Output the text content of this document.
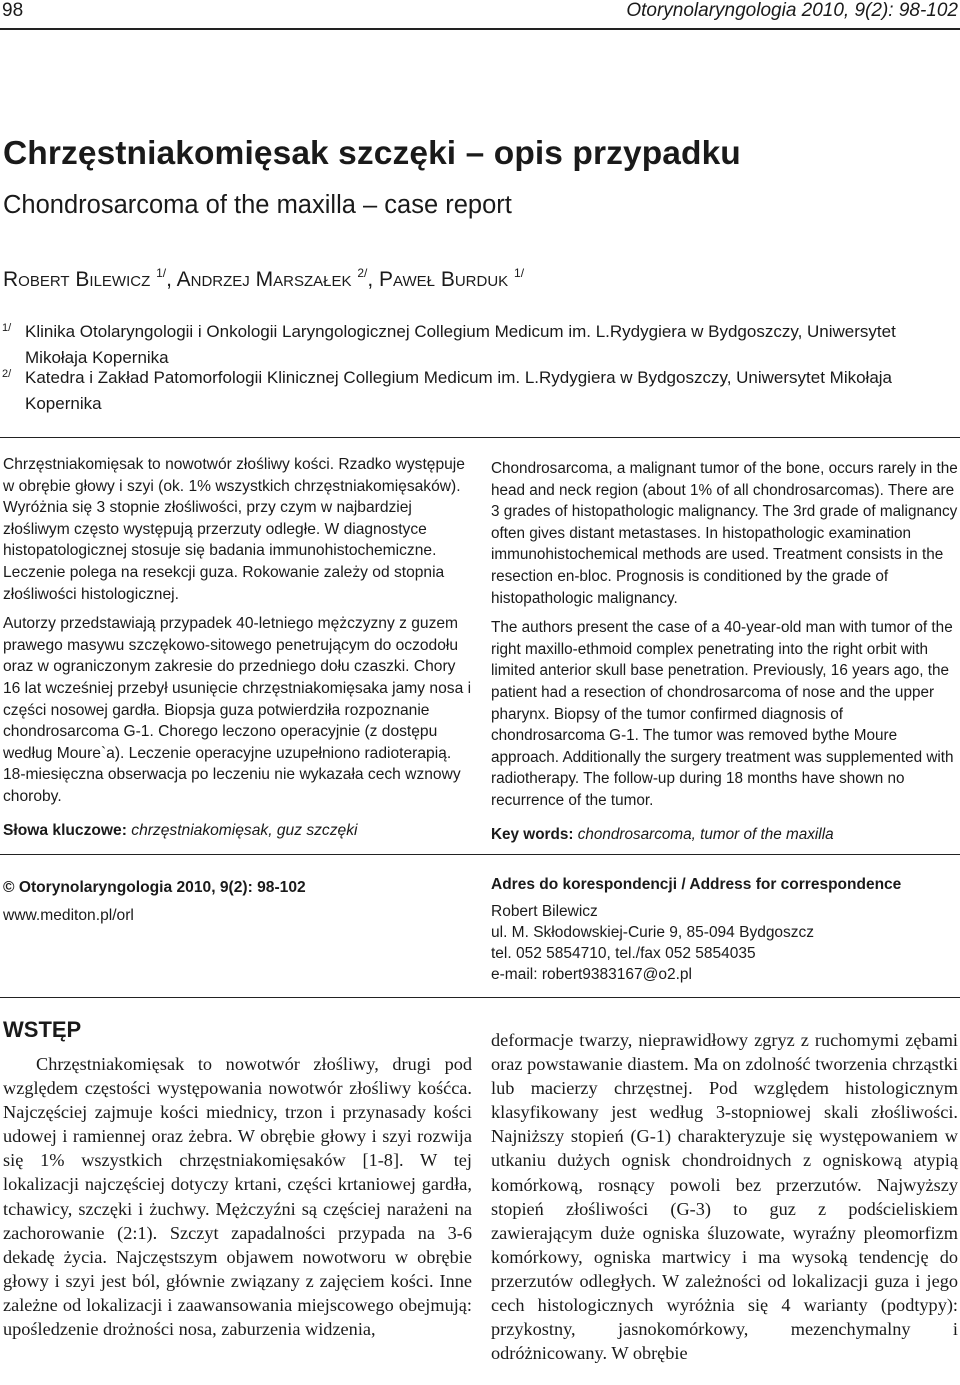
98	Otorynolaryngologia 2010, 9(2): 98-102
Chrzęstniakomięsak szczęki – opis przypadku
Chondrosarcoma of the maxilla – case report
Robert Bilewicz $^{1/}$, Andrzej Marszałek $^{2/}$, Paweł Burduk $^{1/}$
1/ Klinika Otolaryngologii i Onkologii Laryngologicznej Collegium Medicum im. L.Rydygiera w Bydgoszczy, Uniwersytet Mikołaja Kopernika
2/ Katedra i Zakład Patomorfologii Klinicznej Collegium Medicum im. L.Rydygiera w Bydgoszczy, Uniwersytet Mikołaja Kopernika

Chrzęstniakomięsak to nowotwór złośliwy kości. Rzadko występuje w obrębie głowy i szyi (ok. 1% wszystkich chrzęstniakomięsaków). Wyróżnia się 3 stopnie złośliwości, przy czym w najbardziej złośliwym często występują przerzuty odległe. W diagnostyce histopatologicznej stosuje się badania immunohistochemiczne. Leczenie polega na resekcji guza. Rokowanie zależy od stopnia złośliwości histologicznej.

Autorzy przedstawiają przypadek 40-letniego mężczyzny z guzem prawego masywu szczękowo-sitowego penetrującym do oczodołu oraz w ograniczonym zakresie do przedniego dołu czaszki. Chory 16 lat wcześniej przebył usunięcie chrzęstniakomięsaka jamy nosa i części nosowej gardła. Biopsja guza potwierdziła rozpoznanie chondrosarcoma G-1. Chorego leczono operacyjnie (z dostępu według Moure`a). Leczenie operacyjne uzupełniono radioterapią. 18-miesięczna obserwacja po leczeniu nie wykazała cech wznowy choroby.

Słowa kluczowe: chrzęstniakomięsak, guz szczęki

Chondrosarcoma, a malignant tumor of the bone, occurs rarely in the head and neck region (about 1% of all chondrosarcomas). There are 3 grades of histopathologic malignancy. The 3rd grade of malignancy often gives distant metastases. In histopathologic examination immunohistochemical methods are used. Treatment consists in the resection en-bloc. Prognosis is conditioned by the grade of histopathologic malignancy.

The authors present the case of a 40-year-old man with tumor of the right maxillo-ethmoid complex penetrating into the right orbit with limited anterior skull base penetration. Previously, 16 years ago, the patient had a resection of chondrosarcoma of nose and the upper pharynx. Biopsy of the tumor confirmed diagnosis of chondrosarcoma G-1. The tumor was removed bythe Moure approach. Additionally the surgery treatment was supplemented with radiotherapy. The follow-up during 18 months have shown no recurrence of the tumor.

Key words: chondrosarcoma, tumor of the maxilla

© Otorynolaryngologia 2010, 9(2): 98-102
www.mediton.pl/orl
Adres do korespondencji / Address for correspondence
Robert Bilewicz
ul. M. Skłodowskiej-Curie 9, 85-094 Bydgoszcz
tel. 052 5854710, tel./fax 052 5854035
e-mail: robert9383167@o2.pl
WSTĘP

Chrzęstniakomięsak to nowotwór złośliwy, drugi pod względem częstości występowania nowotwór złośliwy kośćca. Najczęściej zajmuje kości miednicy, trzon i przynasady kości udowej i ramiennej oraz żebra. W obrębie głowy i szyi rozwija się 1% wszystkich chrzęstniakomięsaków [1-8]. W tej lokalizacji najczęściej dotyczy krtani, części krtaniowej gardła, tchawicy, szczęki i żuchwy. Mężczyźni są częściej narażeni na zachorowanie (2:1). Szczyt zapadalności przypada na 3-6 dekadę życia. Najczęstszym objawem nowotworu w obrębie głowy i szyi jest ból, głównie związany z zajęciem kości. Inne zależne od lokalizacji i zaawansowania miejscowego obejmują: upośledzenie drożności nosa, zaburzenia widzenia,

deformacje twarzy, nieprawidłowy zgryz z ruchomymi zębami oraz powstawanie diastem. Ma on zdolność tworzenia chrząstki lub macierzy chrzęstnej. Pod względem histologicznym klasyfikowany jest według 3-stopniowej skali złośliwości. Najniższy stopień (G-1) charakteryzuje się występowaniem w utkaniu dużych ognisk chondroidnych z ogniskową atypią komórkową, rosnący powoli bez przerzutów. Najwyższy stopień złośliwości (G-3) to guz z podścieliskiem zawierającym duże ogniska śluzowate, wyraźny pleomorfizm komórkowy, ogniska martwicy i ma wysoką tendencję do przerzutów odległych. W zależności od lokalizacji guza i jego cech histologicznych wyróżnia się 4 warianty (podtypy): przykostny, jasnokomórkowy, mezenchymalny i odróżnicowany. W obrębie
